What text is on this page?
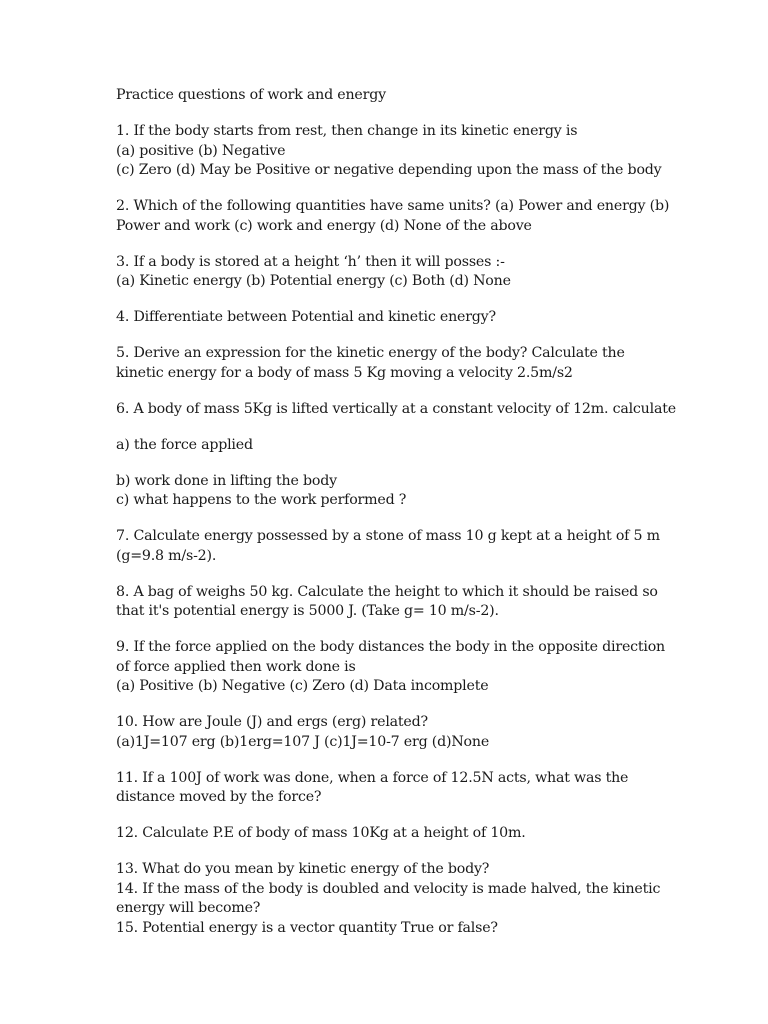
Practice questions of work and energy
1. If the body starts from rest, then change in its kinetic energy is
(a) positive (b) Negative
(c) Zero (d) May be Positive or negative depending upon the mass of the body
2. Which of the following quantities have same units? (a) Power and energy (b)
Power and work (c) work and energy (d) None of the above
3. If a body is stored at a height ‘h’ then it will posses :-
(a) Kinetic energy (b) Potential energy (c) Both (d) None
4. Differentiate between Potential and kinetic energy?
5. Derive an expression for the kinetic energy of the body? Calculate the
kinetic energy for a body of mass 5 Kg moving a velocity 2.5m/s2
6. A body of mass 5Kg is lifted vertically at a constant velocity of 12m. calculate
a) the force applied
b) work done in lifting the body
c) what happens to the work performed ?
7. Calculate energy possessed by a stone of mass 10 g kept at a height of 5 m
(g=9.8 m/s-2).
8. A bag of weighs 50 kg. Calculate the height to which it should be raised so
that it's potential energy is 5000 J. (Take g= 10 m/s-2).
9. If the force applied on the body distances the body in the opposite direction
of force applied then work done is
(a) Positive (b) Negative (c) Zero (d) Data incomplete
10. How are Joule (J) and ergs (erg) related?
(a)1J=107 erg (b)1erg=107 J (c)1J=10-7 erg (d)None
11. If a 100J of work was done, when a force of 12.5N acts, what was the
distance moved by the force?
12. Calculate P.E of body of mass 10Kg at a height of 10m.
13. What do you mean by kinetic energy of the body?
14. If the mass of the body is doubled and velocity is made halved, the kinetic
energy will become?
15. Potential energy is a vector quantity True or false?
